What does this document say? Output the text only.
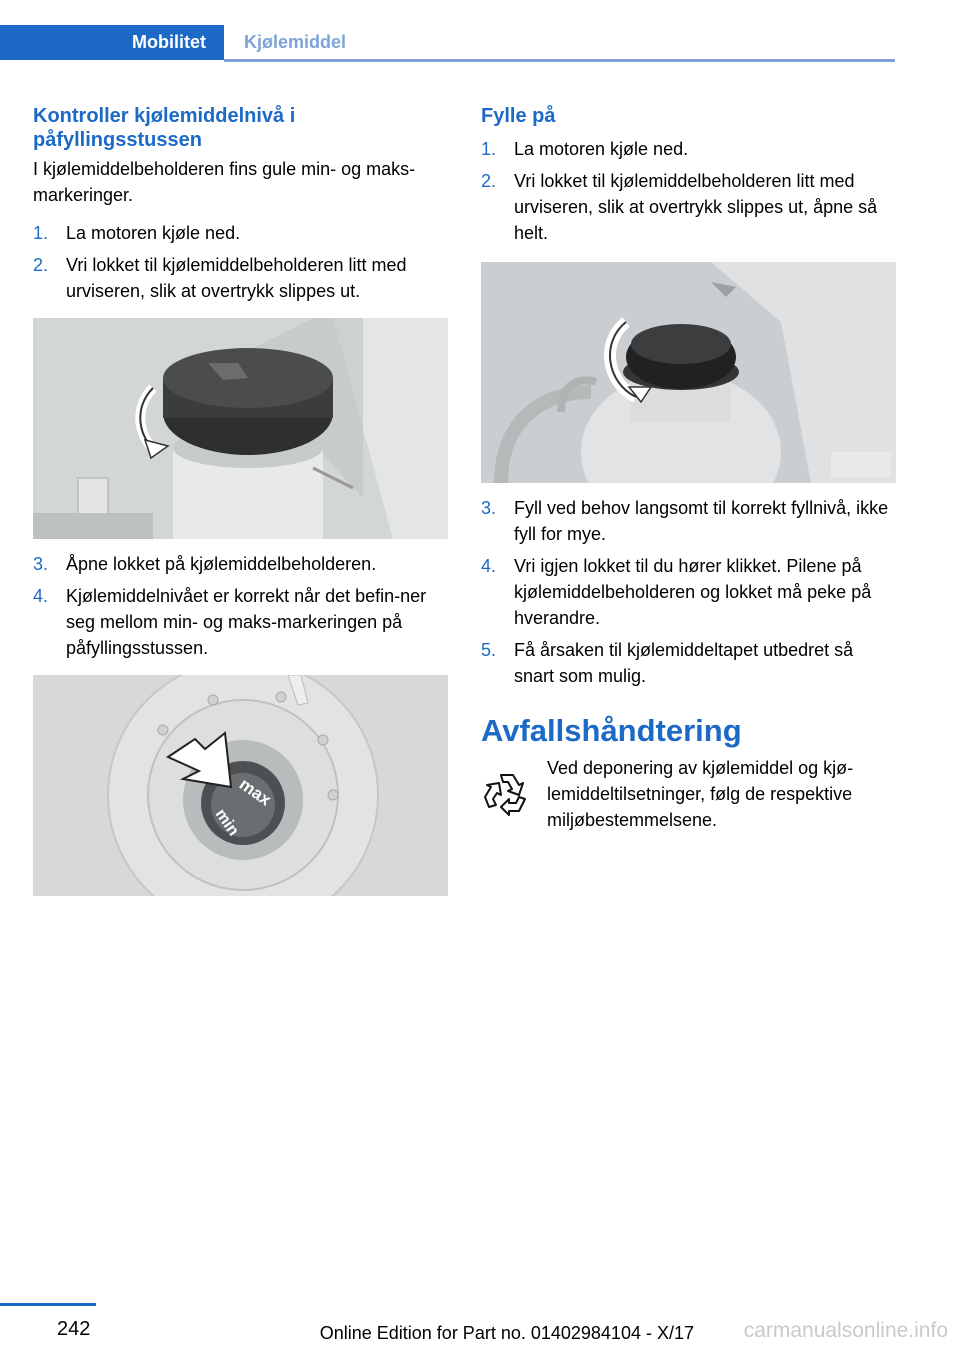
Mobilitet	Kjølemiddel
Kontroller kjølemiddelnivå i påfyllingsstussen

I kjølemiddelbeholderen fins gule min- og maks-markeringer.

1. La motoren kjøle ned.
2. Vri lokket til kjølemiddelbeholderen litt med urviseren, slik at overtrykk slippes ut.
3. Åpne lokket på kjølemiddelbeholderen.
4. Kjølemiddelnivået er korrekt når det befin-ner seg mellom min- og maks-markeringen på påfyllingsstussen.
max
min
Fylle på
1. La motoren kjøle ned.
2. Vri lokket til kjølemiddelbeholderen litt med urviseren, slik at overtrykk slippes ut, åpne så helt.
3. Fyll ved behov langsomt til korrekt fyllnivå, ikke fyll for mye.
4. Vri igjen lokket til du hører klikket. Pilene på kjølemiddelbeholderen og lokket må peke på hverandre.
5. Få årsaken til kjølemiddeltapet utbedret så snart som mulig.
Avfallshåndtering

Ved deponering av kjølemiddel og kjø-lemiddeltilsetninger, følg de respektive miljøbestemmelsene.

242	Online Edition for Part no. 01402984104 - X/17 carmanualsonline.info
